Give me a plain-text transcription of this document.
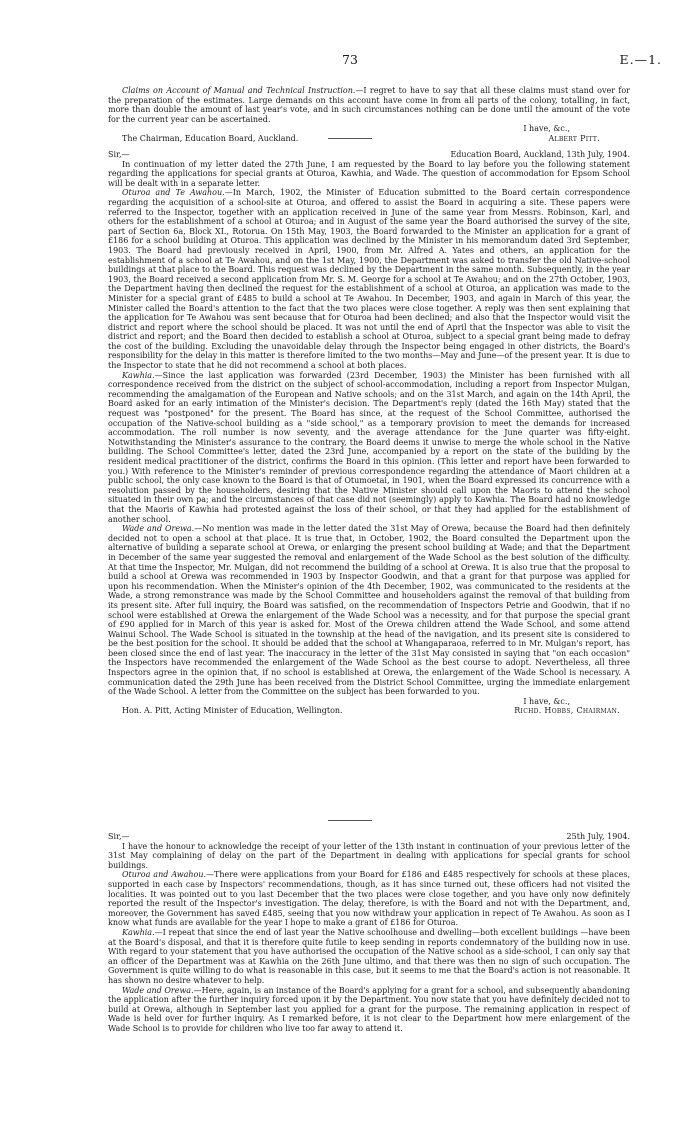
73	E.—1.

Claims on Account of Manual and Technical Instruction.—I regret to have to say that all these claims must stand over for the preparation of the estimates. Large demands on this account have come in from all parts of the colony, totalling, in fact, more than double the amount of last year's vote, and in such circumstances nothing can be done until the amount of the vote for the current year can be ascertained.

I have, &c.,
The Chairman, Education Board, Auckland.	Albert Pitt.
Sir,—	Education Board, Auckland, 13th July, 1904.

In continuation of my letter dated the 27th June, I am requested by the Board to lay before you the following statement regarding the applications for special grants at Oturoa, Kawhia, and Wade. The question of accommodation for Epsom School will be dealt with in a separate letter.

Oturoa and Te Awahou.—In March, 1902, the Minister of Education submitted to the Board certain correspondence regarding the acquisition of a school-site at Oturoa, and offered to assist the Board in acquiring a site. These papers were referred to the Inspector, together with an application received in June of the same year from Messrs. Robinson, Karl, and others for the establishment of a school at Oturoa; and in August of the same year the Board authorised the survey of the site, part of Section 6a, Block XI., Rotorua. On 15th May, 1903, the Board forwarded to the Minister an application for a grant of £186 for a school building at Oturoa. This application was declined by the Minister in his memorandum dated 3rd September, 1903. The Board had previously received in April, 1900, from Mr. Alfred A. Yates and others, an application for the establishment of a school at Te Awahou, and on the 1st May, 1900, the Department was asked to transfer the old Native-school buildings at that place to the Board. This request was declined by the Department in the same month. Subsequently, in the year 1903, the Board received a second application from Mr. S. M. George for a school at Te Awahou; and on the 27th October, 1903, the Department having then declined the request for the establishment of a school at Oturoa, an application was made to the Minister for a special grant of £485 to build a school at Te Awahou. In December, 1903, and again in March of this year, the Minister called the Board's attention to the fact that the two places were close together. A reply was then sent explaining that the application for Te Awahou was sent because that for Oturoa had been declined; and also that the Inspector would visit the district and report where the school should be placed. It was not until the end of April that the Inspector was able to visit the district and report; and the Board then decided to establish a school at Oturoa, subject to a special grant being made to defray the cost of the building. Excluding the unavoidable delay through the Inspector being engaged in other districts, the Board's responsibility for the delay in this matter is therefore limited to the two months—May and June—of the present year. It is due to the Inspector to state that he did not recommend a school at both places.

Kawhia.—Since the last application was forwarded (23rd December, 1903) the Minister has been furnished with all correspondence received from the district on the subject of school-accommodation, including a report from Inspector Mulgan, recommending the amalgamation of the European and Native schools; and on the 31st March, and again on the 14th April, the Board asked for an early intimation of the Minister's decision. The Department's reply (dated the 16th May) stated that the request was "postponed" for the present. The Board has since, at the request of the School Committee, authorised the occupation of the Native-school building as a "side school," as a temporary provision to meet the demands for increased accommodation. The roll number is now seventy, and the average attendance for the June quarter was fifty-eight. Notwithstanding the Minister's assurance to the contrary, the Board deems it unwise to merge the whole school in the Native building. The School Committee's letter, dated the 23rd June, accompanied by a report on the state of the building by the resident medical practitioner of the district, confirms the Board in this opinion. (This letter and report have been forwarded to you.) With reference to the Minister's reminder of previous correspondence regarding the attendance of Maori children at a public school, the only case known to the Board is that of Otumoetai, in 1901, when the Board expressed its concurrence with a resolution passed by the householders, desiring that the Native Minister should call upon the Maoris to attend the school situated in their own pa; and the circumstances of that case did not (seemingly) apply to Kawhia. The Board had no knowledge that the Maoris of Kawhia had protested against the loss of their school, or that they had applied for the establishment of another school.

Wade and Orewa.—No mention was made in the letter dated the 31st May of Orewa, because the Board had then definitely decided not to open a school at that place. It is true that, in October, 1902, the Board consulted the Department upon the alternative of building a separate school at Orewa, or enlarging the present school building at Wade; and that the Department in December of the same year suggested the removal and enlargement of the Wade School as the best solution of the difficulty. At that time the Inspector, Mr. Mulgan, did not recommend the building of a school at Orewa. It is also true that the proposal to build a school at Orewa was recommended in 1903 by Inspector Goodwin, and that a grant for that purpose was applied for upon his recommendation. When the Minister's opinion of the 4th December, 1902, was communicated to the residents at the Wade, a strong remonstrance was made by the School Committee and householders against the removal of that building from its present site. After full inquiry, the Board was satisfied, on the recommendation of Inspectors Petrie and Goodwin, that if no school were established at Orewa the enlargement of the Wade School was a necessity, and for that purpose the special grant of £90 applied for in March of this year is asked for. Most of the Orewa children attend the Wade School, and some attend Wainui School. The Wade School is situated in the township at the head of the navigation, and its present site is considered to be the best position for the school. It should be added that the school at Whangaparaoa, referred to in Mr. Mulgan's report, has been closed since the end of last year. The inaccuracy in the letter of the 31st May consisted in saying that "on each occasion" the Inspectors have recommended the enlargement of the Wade School as the best course to adopt. Nevertheless, all three Inspectors agree in the opinion that, if no school is established at Orewa, the enlargement of the Wade School is necessary. A communication dated the 29th June has been received from the District School Committee, urging the immediate enlargement of the Wade School. A letter from the Committee on the subject has been forwarded to you.

I have, &c.,
Hon. A. Pitt, Acting Minister of Education, Wellington.	Richd. Hobbs, Chairman.
Sir,—	25th July, 1904.

I have the honour to acknowledge the receipt of your letter of the 13th instant in continuation of your previous letter of the 31st May complaining of delay on the part of the Department in dealing with applications for special grants for school buildings.

Oturoa and Awahou.—There were applications from your Board for £186 and £485 respectively for schools at these places, supported in each case by Inspectors' recommendations, though, as it has since turned out, these officers had not visited the localities. It was pointed out to you last December that the two places were close together, and you have only now definitely reported the result of the Inspector's investigation. The delay, therefore, is with the Board and not with the Department, and, moreover, the Government has saved £485, seeing that you now withdraw your application in repect of Te Awahou. As soon as I know what funds are available for the year I hope to make a grant of £186 for Oturoa.

Kawhia.—I repeat that since the end of last year the Native schoolhouse and dwelling—both excellent buildings —have been at the Board's disposal, and that it is therefore quite futile to keep sending in reports condemnatory of the building now in use. With regard to your statement that you have authorised the occupation of the Native school as a side-school, I can only say that an officer of the Department was at Kawhia on the 26th June ultimo, and that there was then no sign of such occupation. The Government is quite willing to do what is reasonable in this case, but it seems to me that the Board's action is not reasonable. It has shown no desire whatever to help.

Wade and Orewa.—Here, again, is an instance of the Board's applying for a grant for a school, and subsequently abandoning the application after the further inquiry forced upon it by the Department. You now state that you have definitely decided not to build at Orewa, although in September last you applied for a grant for the purpose. The remaining application in respect of Wade is held over for further inquiry. As I remarked before, it is not clear to the Department how mere enlargement of the Wade School is to provide for children who live too far away to attend it.
